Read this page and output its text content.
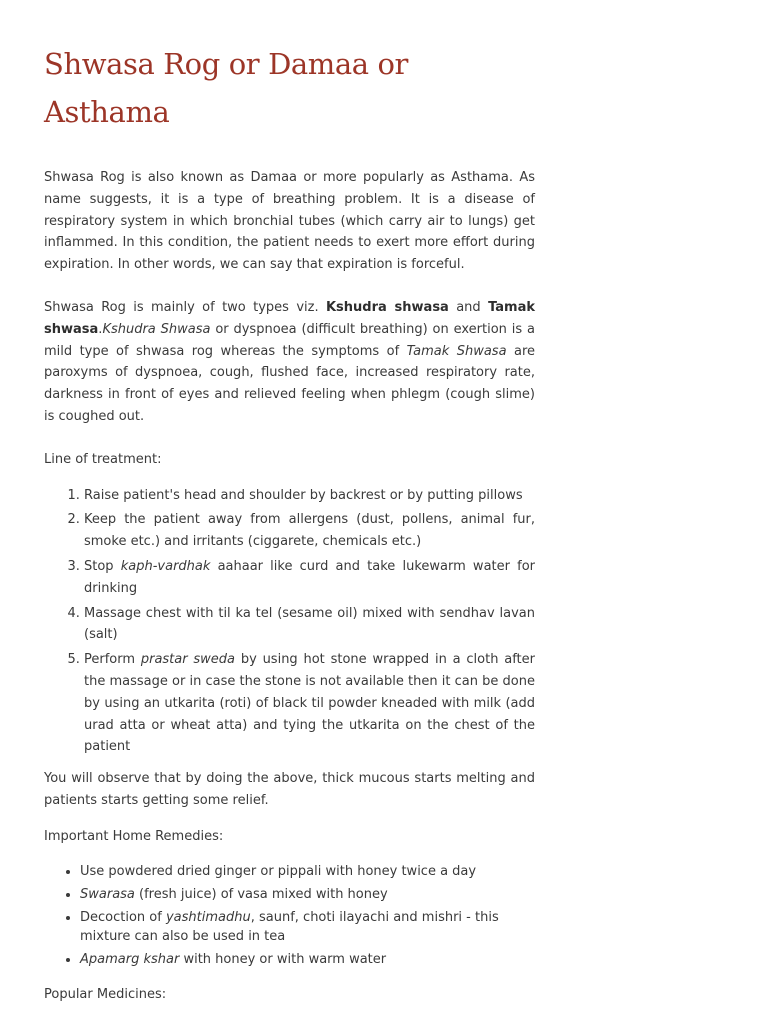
Shwasa Rog or Damaa or Asthama

Shwasa Rog is also known as Damaa or more popularly as Asthama. As name suggests, it is a type of breathing problem. It is a disease of respiratory system in which bronchial tubes (which carry air to lungs) get inflammed. In this condition, the patient needs to exert more effort during expiration. In other words, we can say that expiration is forceful.

Shwasa Rog is mainly of two types viz. Kshudra shwasa and Tamak shwasa.Kshudra Shwasa or dyspnoea (difficult breathing) on exertion is a mild type of shwasa rog whereas the symptoms of Tamak Shwasa are paroxyms of dyspnoea, cough, flushed face, increased respiratory rate, darkness in front of eyes and relieved feeling when phlegm (cough slime) is coughed out.

Line of treatment:

1. Raise patient's head and shoulder by backrest or by putting pillows
2. Keep the patient away from allergens (dust, pollens, animal fur, smoke etc.) and irritants (ciggarete, chemicals etc.)
3. Stop kaph-vardhak aahaar like curd and take lukewarm water for drinking
4. Massage chest with til ka tel (sesame oil) mixed with sendhav lavan (salt)
5. Perform prastar sweda by using hot stone wrapped in a cloth after the massage or in case the stone is not available then it can be done by using an utkarita (roti) of black til powder kneaded with milk (add urad atta or wheat atta) and tying the utkarita on the chest of the patient

You will observe that by doing the above, thick mucous starts melting and patients starts getting some relief.

Important Home Remedies:

• Use powdered dried ginger or pippali with honey twice a day
• Swarasa (fresh juice) of vasa mixed with honey
• Decoction of yashtimadhu, saunf, choti ilayachi and mishri - this mixture can also be used in tea
• Apamarg kshar with honey or with warm water

Popular Medicines:
